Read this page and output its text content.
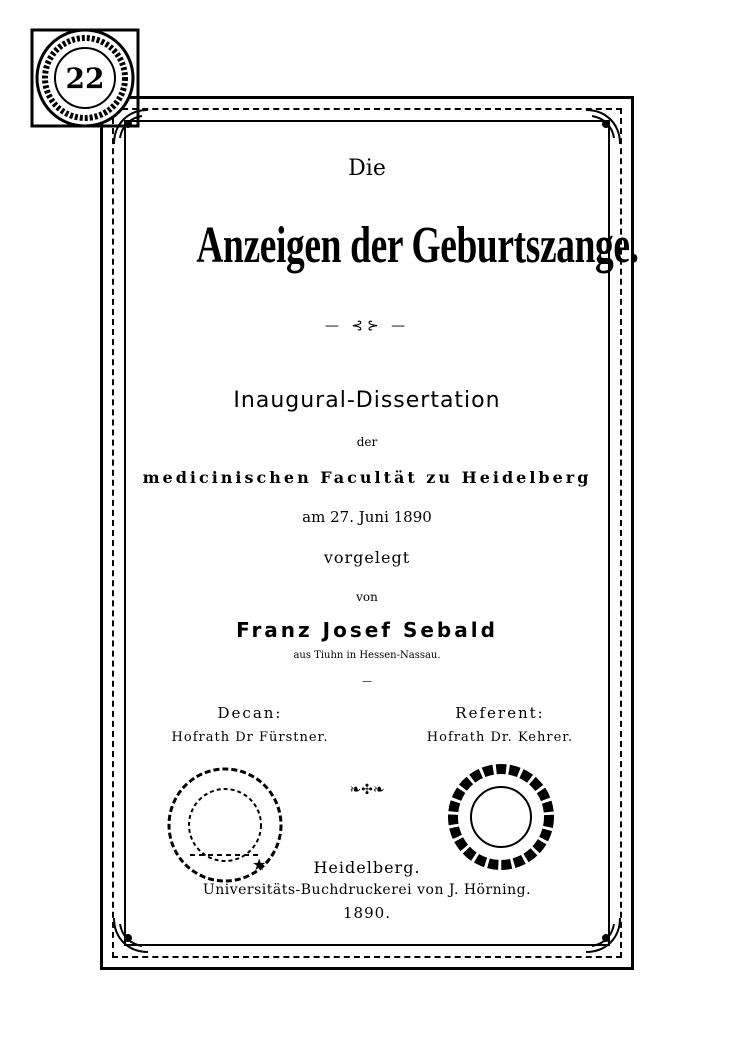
22
★
Die
Anzeigen der Geburtszange.
— ⊰⊱ —
Inaugural-Dissertation
der
medicinischen Facultät zu Heidelberg
am 27. Juni 1890
vorgelegt
von
Franz Josef Sebald
aus Tiuhn in Hessen-Nassau.
—
Decan:
Hofrath Dr Fürstner.
Referent:
Hofrath Dr. Kehrer.
❧✣❧
Heidelberg.
Universitäts-Buchdruckerei von J. Hörning.
1890.
